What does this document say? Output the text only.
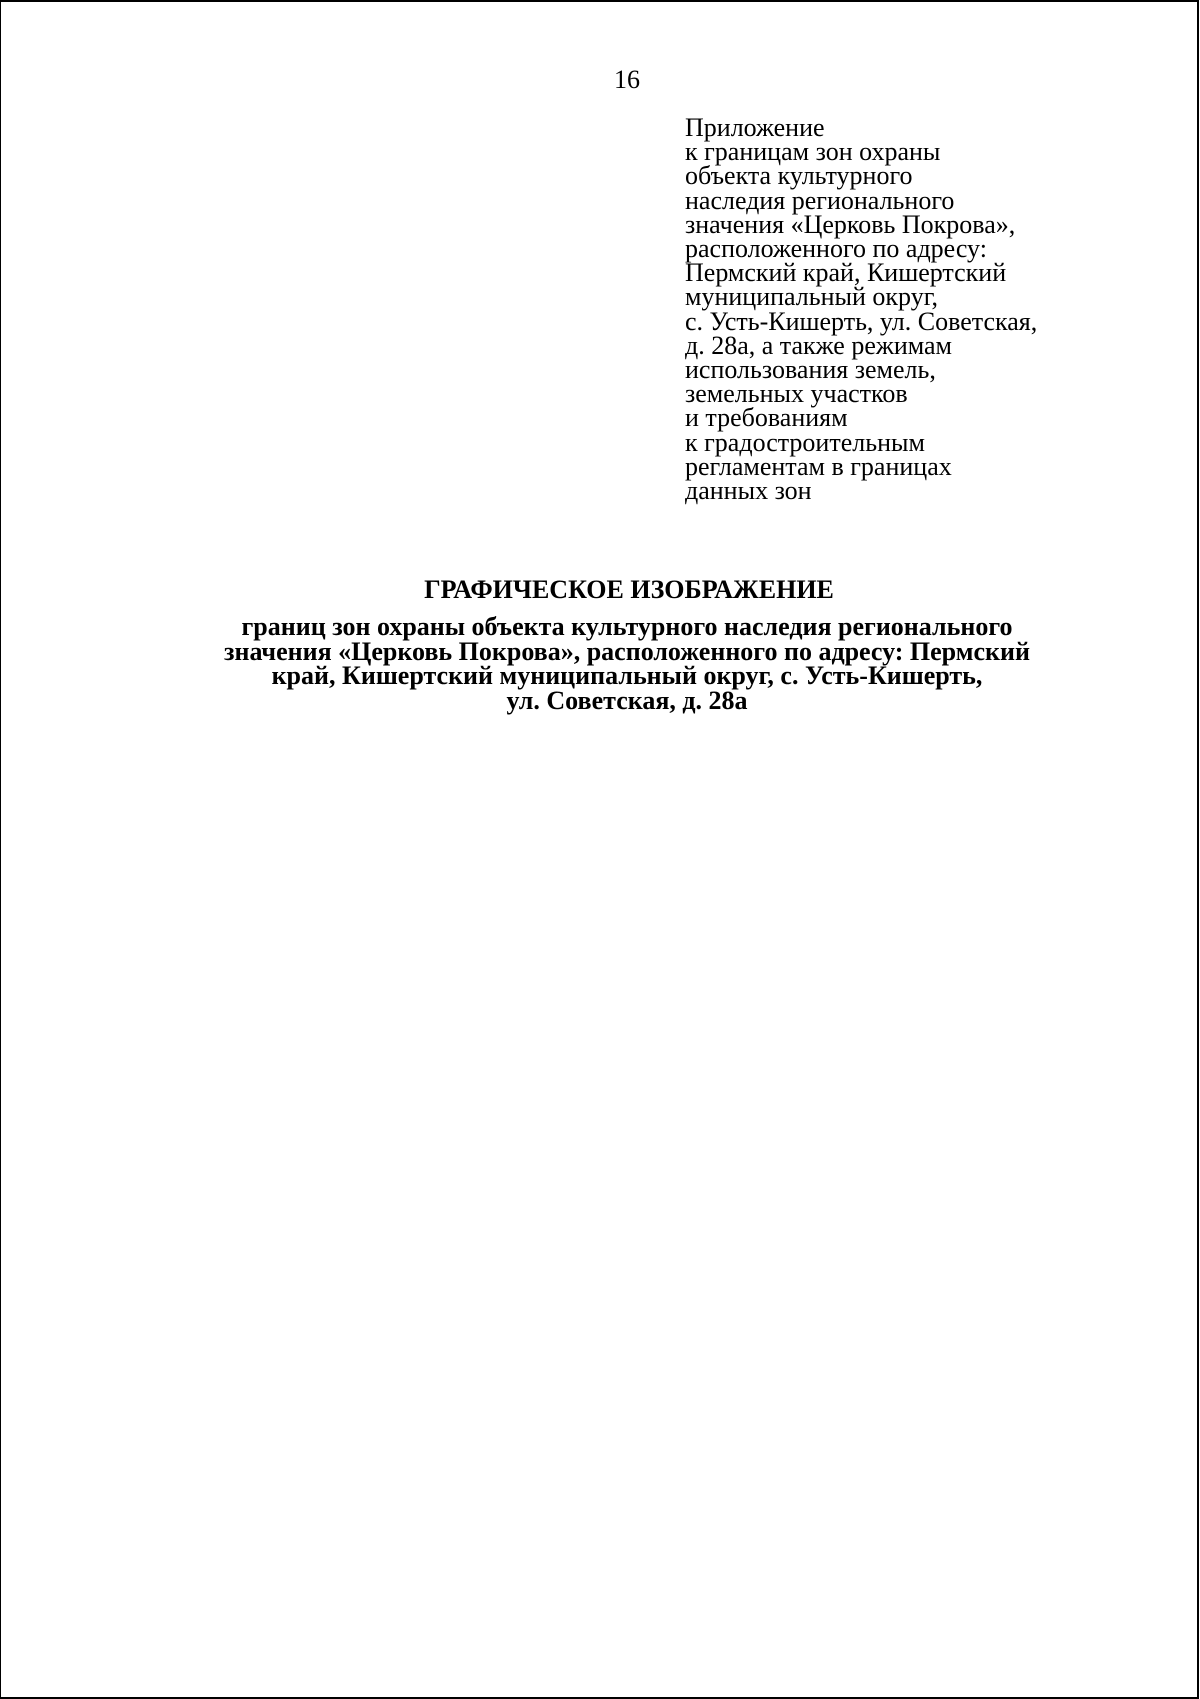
16
Приложение
к границам зон охраны
объекта культурного
наследия регионального
значения «Церковь Покрова»,
расположенного по адресу:
Пермский край, Кишертский
муниципальный округ,
с. Усть-Кишерть, ул. Советская,
д. 28а, а также режимам
использования земель,
земельных участков
и требованиям
к градостроительным
регламентам в границах
данных зон
ГРАФИЧЕСКОЕ ИЗОБРАЖЕНИЕ
границ зон охраны объекта культурного наследия регионального
значения «Церковь Покрова», расположенного по адресу: Пермский
край, Кишертский муниципальный округ, с. Усть-Кишерть,
ул. Советская, д. 28а
